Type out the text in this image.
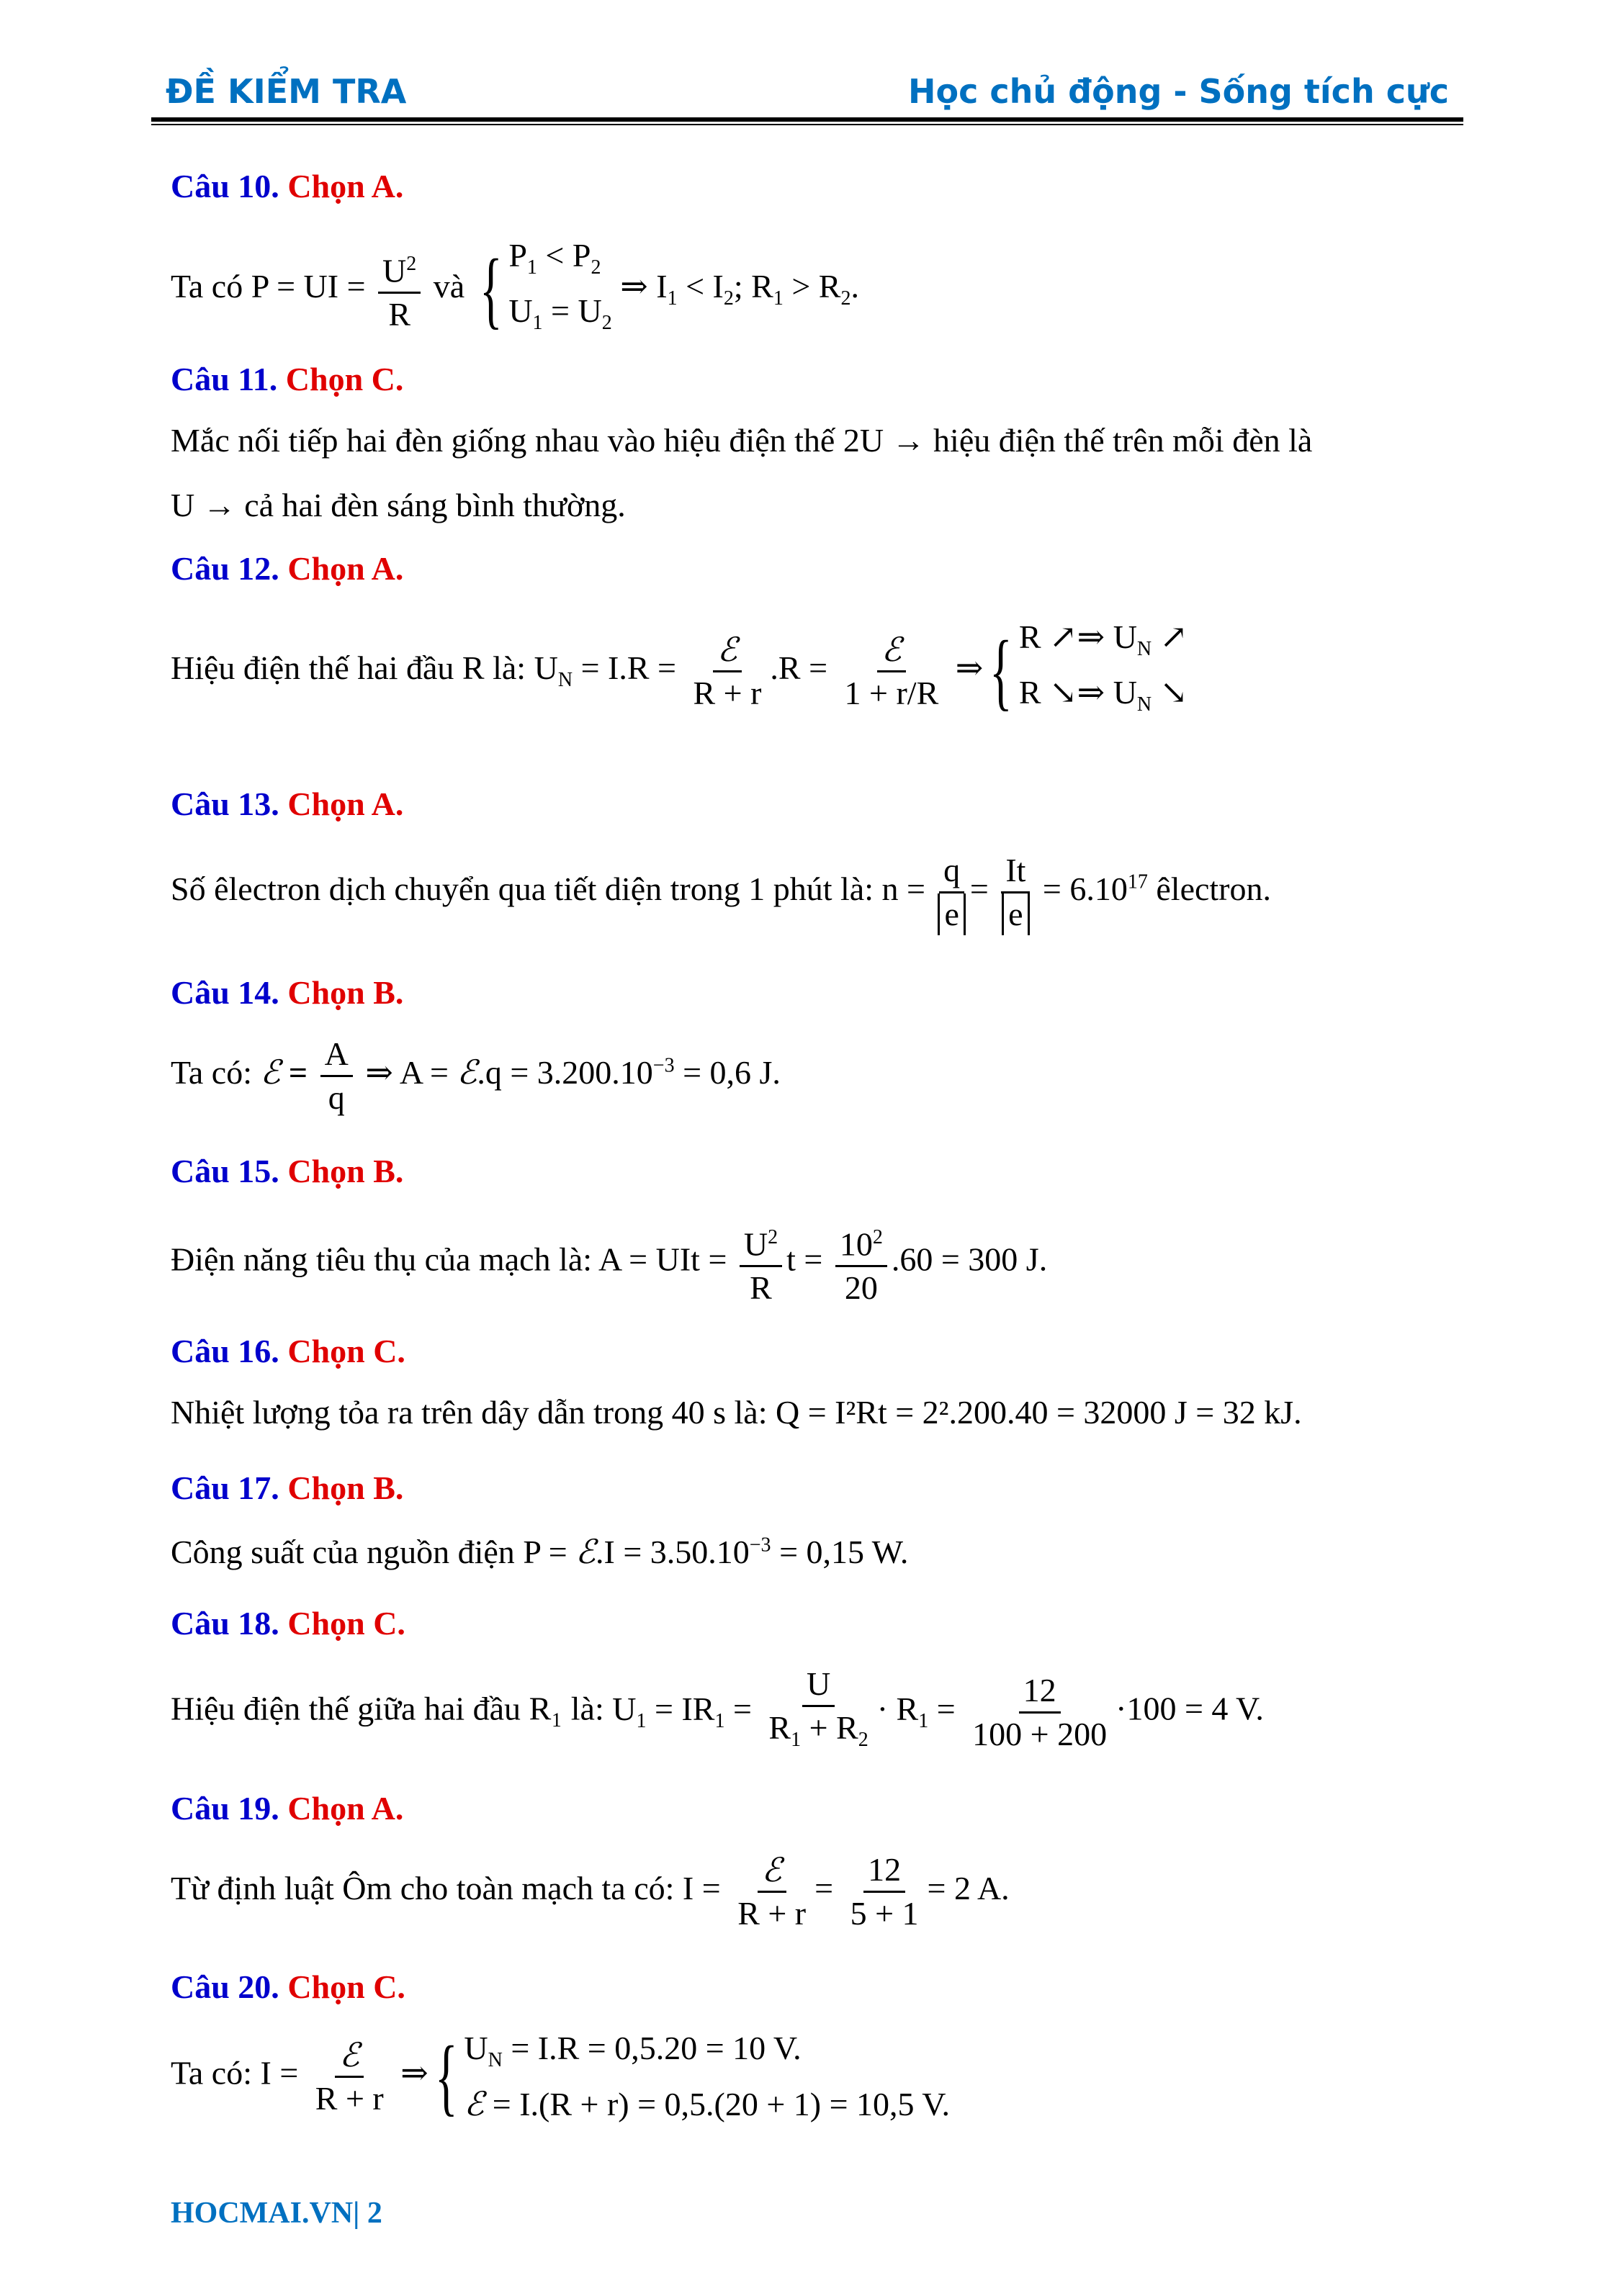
ĐỀ KIỂM TRA	Học chủ động - Sống tích cực
Câu 10. Chọn A.
Ta có P = UI = $\frac{U^2}{R}$ và { $P_1 < P_2$
$U_1 = U_2$
⇒ $I_1 < I_2$; $R_1 > R_2$.
Câu 11. Chọn C.
Mắc nối tiếp hai đèn giống nhau vào hiệu điện thế 2U → hiệu điện thế trên mỗi đèn là
U → cả hai đèn sáng bình thường.
Câu 12. Chọn A.
Hiệu điện thế hai đầu R là: $U_N = I.R = \frac{\text{ℰ}}{R + r} .R = \frac{\text{ℰ}}{1 + r/R}$ ⇒{ R ↗⇒ $U_N$ ↗
R ↘⇒ $U_N$ ↘
Câu 13. Chọn A.
Số êlectron dịch chuyển qua tiết diện trong 1 phút là: $n = \frac{q}{e} = \frac{It}{e} = 6.10^{17}$ êlectron.
Câu 14. Chọn B.
Ta có: ℰ = $\frac{A}{q}$ ⇒ A = ℰ.q = $3.200.10^{-3} = 0,6$ J.
Câu 15. Chọn B.
Điện năng tiêu thụ của mạch là: A = UIt = $\frac{U^2}{R}$ $t = \frac{10^2}{20} .60 = 300$ J.
Câu 16. Chọn C.
Nhiệt lượng tỏa ra trên dây dẫn trong 40 s là: Q = I²Rt = 2².200.40 = 32000 J = 32 kJ.
Câu 17. Chọn B.
Công suất của nguồn điện P = ℰ.I = $3.50.10^{-3} = 0,15$ W.
Câu 18. Chọn C.
Hiệu điện thế giữa hai đầu R₁ là: $U_1 = IR_1 = \frac{U}{R_1 + R_2} \cdot R_1 = \frac{12}{100 + 200} \cdot 100 = 4$ V.
Câu 19. Chọn A.
Từ định luật Ôm cho toàn mạch ta có: $I = \frac{\text{ℰ}}{R + r} = \frac{12}{5 + 1} = 2$ A.
Câu 20. Chọn C.
Ta có: $I = \frac{\text{ℰ}}{R + r}$ ⇒{ $U_N = I.R = 0,5.20 = 10$ V.
ℰ = I.(R + r) = 0,5.(20 + 1) = 10,5 V.
HOCMAI.VN| 2
